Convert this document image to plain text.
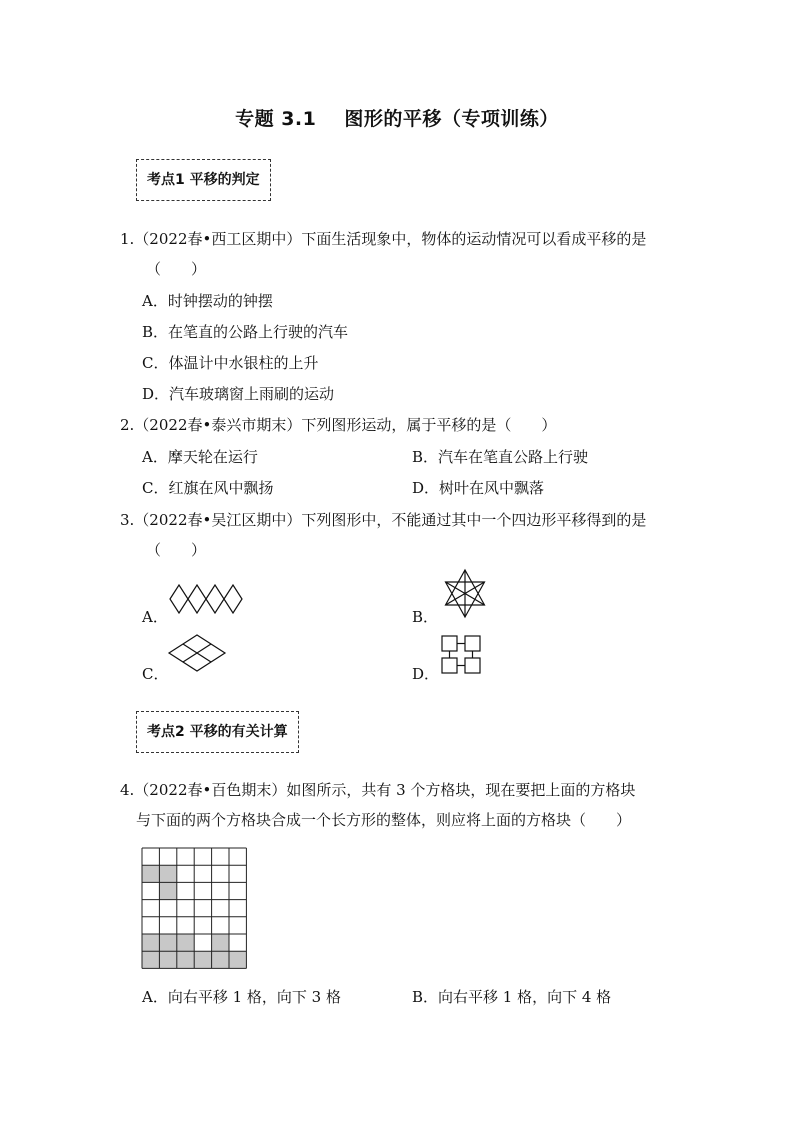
专题 3.1 图形的平移（专项训练）
考点1 平移的判定
1.（2022春•西工区期中）下面生活现象中，物体的运动情况可以看成平移的是
（　　）
A．时钟摆动的钟摆
B．在笔直的公路上行驶的汽车
C．体温计中水银柱的上升
D．汽车玻璃窗上雨刷的运动
2.（2022春•泰兴市期末）下列图形运动，属于平移的是（　　）
A．摩天轮在运行	B．汽车在笔直公路上行驶
C．红旗在风中飘扬	D．树叶在风中飘落
3.（2022春•吴江区期中）下列图形中，不能通过其中一个四边形平移得到的是
（　　）
A．	B．
C．	D．
考点2 平移的有关计算
4.（2022春•百色期末）如图所示，共有 3 个方格块，现在要把上面的方格块
与下面的两个方格块合成一个长方形的整体，则应将上面的方格块（　　）
A．向右平移 1 格，向下 3 格	B．向右平移 1 格，向下 4 格
